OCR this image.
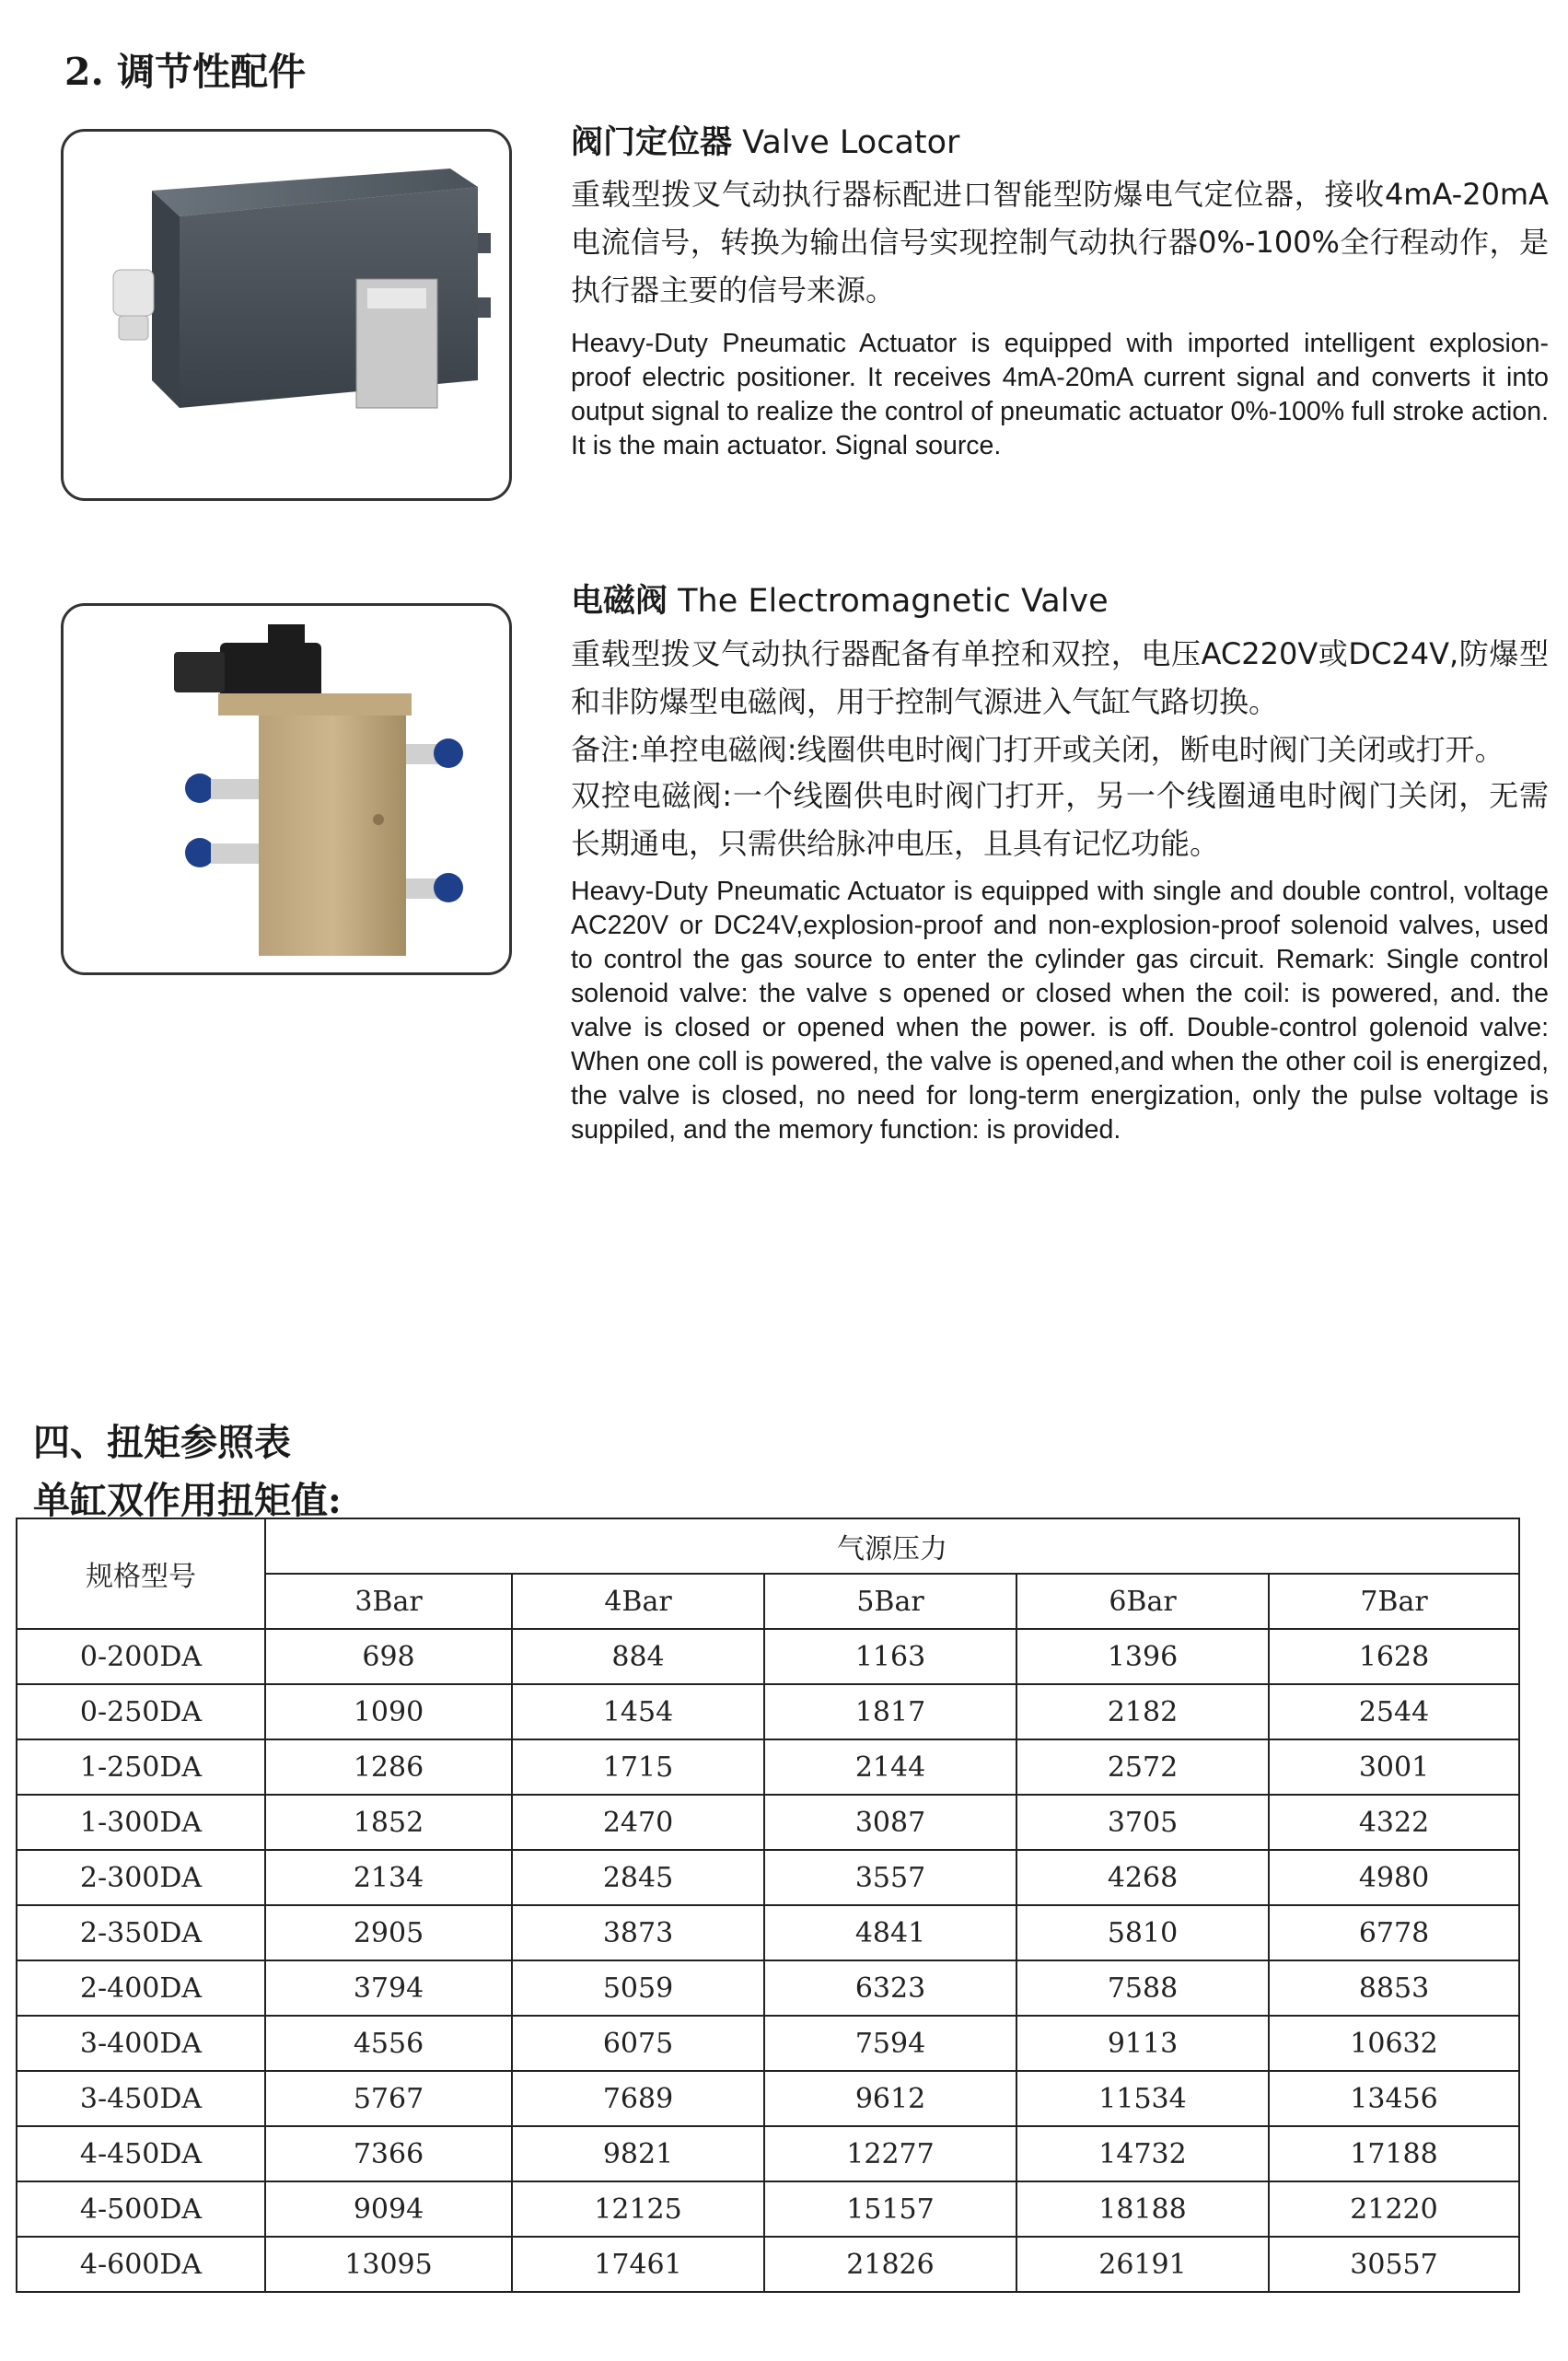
2. 调节性配件
阀门定位器 Valve Locator
重载型拨叉气动执行器标配进口智能型防爆电气定位器，接收4mA-20mA电流信号，转换为输出信号实现控制气动执行器0%-100%全行程动作，是执行器主要的信号来源。
Heavy-Duty Pneumatic Actuator is equipped with imported intelligent explosion-proof electric positioner. It receives 4mA-20mA current signal and converts it into output signal to realize the control of pneumatic actuator 0%-100% full stroke action. It is the main actuator. Signal source.
电磁阀 The Electromagnetic Valve
重载型拨叉气动执行器配备有单控和双控，电压AC220V或DC24V,防爆型和非防爆型电磁阀，用于控制气源进入气缸气路切换。
备注:单控电磁阀:线圈供电时阀门打开或关闭，断电时阀门关闭或打开。
双控电磁阀:一个线圈供电时阀门打开，另一个线圈通电时阀门关闭，无需长期通电，只需供给脉冲电压，且具有记忆功能。
Heavy-Duty Pneumatic Actuator is equipped with single and double control, voltage AC220V or DC24V,explosion-proof and non-explosion-proof solenoid valves, used to control the gas source to enter the cylinder gas circuit. Remark: Single control solenoid valve: the valve s opened or closed when the coil: is powered, and. the valve is closed or opened when the power. is off. Double-control golenoid valve: When one coll is powered, the valve is opened,and when the other coil is energized, the valve is closed, no need for long-term energization, only the pulse voltage is suppiled, and the memory function: is provided.
四、扭矩参照表
单缸双作用扭矩值:
规格型号	气源压力				
	3Bar	4Bar	5Bar	6Bar	7Bar
0-200DA	698	884	1163	1396	1628
0-250DA	1090	1454	1817	2182	2544
1-250DA	1286	1715	2144	2572	3001
1-300DA	1852	2470	3087	3705	4322
2-300DA	2134	2845	3557	4268	4980
2-350DA	2905	3873	4841	5810	6778
2-400DA	3794	5059	6323	7588	8853
3-400DA	4556	6075	7594	9113	10632
3-450DA	5767	7689	9612	11534	13456
4-450DA	7366	9821	12277	14732	17188
4-500DA	9094	12125	15157	18188	21220
4-600DA	13095	17461	21826	26191	30557
